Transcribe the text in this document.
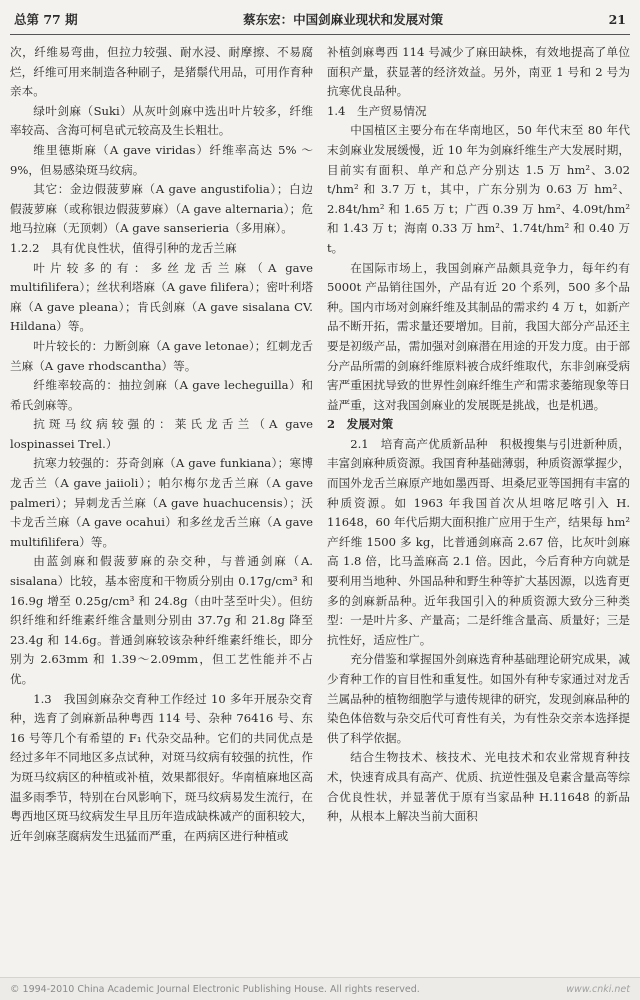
总第 77 期	蔡东宏：中国剑麻业现状和发展对策	21

次，纤维易弯曲，但拉力较强、耐水浸、耐摩擦、不易腐烂，纤维可用来制造各种刷子，是猪鬃代用品，可用作育种亲本。

绿叶剑麻（Suki）从灰叶剑麻中选出叶片较多，纤维率较高、含海可柯皂甙元较高及生长粗壮。

维里德斯麻（A gave viridas）纤维率高达 5% ～ 9%，但易感染斑马纹病。

其它：金边假菠萝麻（A gave angustifolia）；白边假菠萝麻（或称银边假菠萝麻）（A gave alternaria）；危地马拉麻（无顶刺）（A gave sanserieria（多用麻）。

1.2.2　具有优良性状，值得引种的龙舌兰麻

叶片较多的有：多丝龙舌兰麻（A gave multifilifera）；丝状利塔麻（A gave filifera）；密叶利塔麻（A gave pleana）；肯氏剑麻（A gave sisalana CV. Hildana）等。

叶片较长的：力断剑麻（A gave letonae）；红刺龙舌兰麻（A gave rhodscantha）等。

纤维率较高的：抽拉剑麻（A gave lecheguilla）和希氏剑麻等。

抗斑马纹病较强的：莱氏龙舌兰（A gave lospinassei Trel.）

抗寒力较强的：芬奇剑麻（A gave funkiana）；寒博龙舌兰（A gave jaiioli）；帕尔梅尔龙舌兰麻（A gave palmeri）；异刺龙舌兰麻（A gave huachucensis）；沃卡龙舌兰麻（A gave ocahui）和多丝龙舌兰麻（A gave multifilifera）等。

由蓝剑麻和假菠萝麻的杂交种，与普通剑麻（A. sisalana）比较，基本密度和干物质分别由 0.17g/cm³ 和 16.9g 增至 0.25g/cm³ 和 24.8g（由叶茎至叶尖）。但纺织纤维和纤维素纤维含量则分别由 37.7g 和 21.8g 降至 23.4g 和 14.6g。普通剑麻较该杂种纤维素纤维长，即分别为 2.63mm 和 1.39～2.09mm，但工艺性能并不占优。

1.3　我国剑麻杂交育种工作经过 10 多年开展杂交育种，选育了剑麻新品种粤西 114 号、杂种 76416 号、东 16 号等几个有希望的 F₁ 代杂交品种。它们的共同优点是经过多年不同地区多点试种，对斑马纹病有较强的抗性，作为斑马纹病区的种植或补植，效果都很好。华南植麻地区高温多雨季节，特别在台风影响下，斑马纹病易发生流行，在粤西地区斑马纹病发生早且历年造成缺株减产的面积较大，近年剑麻茎腐病发生迅猛而严重，在两病区进行种植或

补植剑麻粤西 114 号减少了麻田缺株，有效地提高了单位面积产量，获显著的经济效益。另外，南亚 1 号和 2 号为抗寒优良品种。

1.4　生产贸易情况

中国植区主要分布在华南地区，50 年代末至 80 年代末剑麻业发展缓慢，近 10 年为剑麻纤维生产大发展时期，目前实有面积、单产和总产分别达 1.5 万 hm²、3.02 t/hm² 和 3.7 万 t，其中，广东分别为 0.63 万 hm²、2.84t/hm² 和 1.65 万 t；广西 0.39 万 hm²、4.09t/hm² 和 1.43 万 t；海南 0.33 万 hm²、1.74t/hm² 和 0.40 万 t。

在国际市场上，我国剑麻产品颇具竞争力，每年约有 5000t 产品销往国外，产品有近 20 个系列，500 多个品种。国内市场对剑麻纤维及其制品的需求约 4 万 t，如新产品不断开拓，需求量还要增加。目前，我国大部分产品还主要是初级产品，需加强对剑麻潜在用途的开发力度。由于部分产品所需的剑麻纤维原料被合成纤维取代，东非剑麻受病害严重困扰导致的世界性剑麻纤维生产和需求萎缩现象等日益严重，这对我国剑麻业的发展既是挑战，也是机遇。

2　发展对策

2.1　培育高产优质新品种　积极搜集与引进新种质，丰富剑麻种质资源。我国育种基础薄弱，种质资源掌握少，而国外龙舌兰麻原产地如墨西哥、坦桑尼亚等国拥有丰富的种质资源。如 1963 年我国首次从坦喀尼喀引入 H. 11648，60 年代后期大面积推广应用于生产，结果每 hm² 产纤维 1500 多 kg，比普通剑麻高 2.67 倍，比灰叶剑麻高 1.8 倍，比马盖麻高 2.1 倍。因此，今后育种方向就是要利用当地种、外国品种和野生种等扩大基因源，以选育更多的剑麻新品种。近年我国引入的种质资源大致分三种类型：一是叶片多、产量高；二是纤维含量高、质量好；三是抗性好，适应性广。

充分借鉴和掌握国外剑麻选育种基础理论研究成果，减少育种工作的盲目性和重复性。如国外有种专家通过对龙舌兰属品种的植物细胞学与遗传规律的研究，发现剑麻品种的染色体倍数与杂交后代可育性有关，为有性杂交亲本选择提供了科学依据。

结合生物技术、核技术、光电技术和农业常规育种技术，快速育成具有高产、优质、抗逆性强及皂素含量高等综合优良性状，并显著优于原有当家品种 H.11648 的新品种，从根本上解决当前大面积

© 1994-2010 China Academic Journal Electronic Publishing House. All rights reserved.	www.cnki.net
